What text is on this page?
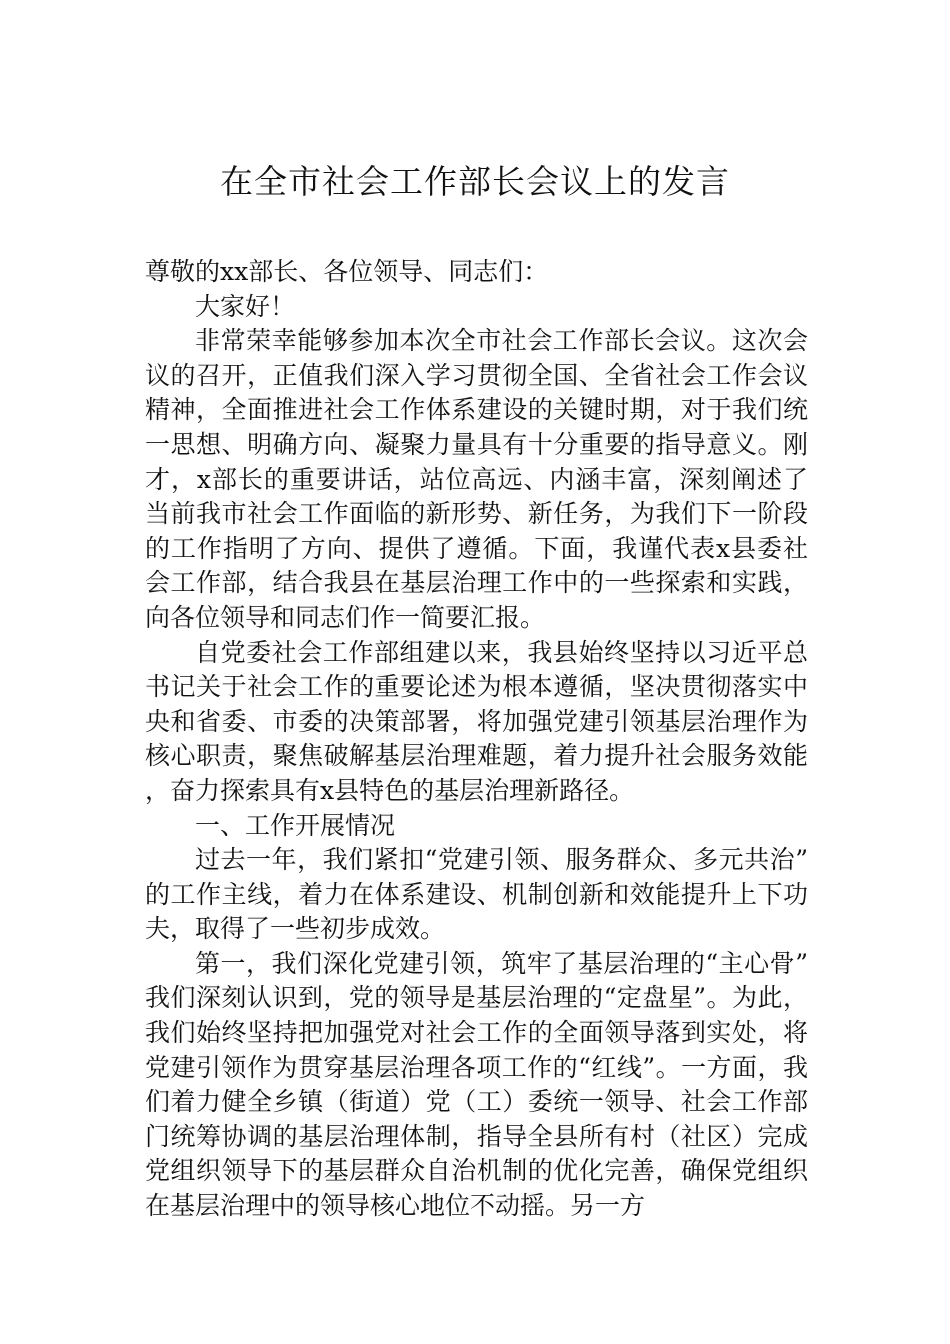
在全市社会工作部长会议上的发言

尊敬的xx部长、各位领导、同志们：

大家好！

非常荣幸能够参加本次全市社会工作部长会议。这次会议的召开，正值我们深入学习贯彻全国、全省社会工作会议精神，全面推进社会工作体系建设的关键时期，对于我们统一思想、明确方向、凝聚力量具有十分重要的指导意义。刚才，x部长的重要讲话，站位高远、内涵丰富，深刻阐述了当前我市社会工作面临的新形势、新任务，为我们下一阶段的工作指明了方向、提供了遵循。下面，我谨代表x县委社会工作部，结合我县在基层治理工作中的一些探索和实践，向各位领导和同志们作一简要汇报。

自党委社会工作部组建以来，我县始终坚持以习近平总书记关于社会工作的重要论述为根本遵循，坚决贯彻落实中央和省委、市委的决策部署，将加强党建引领基层治理作为核心职责，聚焦破解基层治理难题，着力提升社会服务效能，奋力探索具有x县特色的基层治理新路径。

一、工作开展情况

过去一年，我们紧扣“党建引领、服务群众、多元共治”的工作主线，着力在体系建设、机制创新和效能提升上下功夫，取得了一些初步成效。

第一，我们深化党建引领，筑牢了基层治理的“主心骨”我们深刻认识到，党的领导是基层治理的“定盘星”。为此，我们始终坚持把加强党对社会工作的全面领导落到实处，将党建引领作为贯穿基层治理各项工作的“红线”。一方面，我们着力健全乡镇（街道）党（工）委统一领导、社会工作部门统筹协调的基层治理体制，指导全县所有村（社区）完成党组织领导下的基层群众自治机制的优化完善，确保党组织在基层治理中的领导核心地位不动摇。另一方
